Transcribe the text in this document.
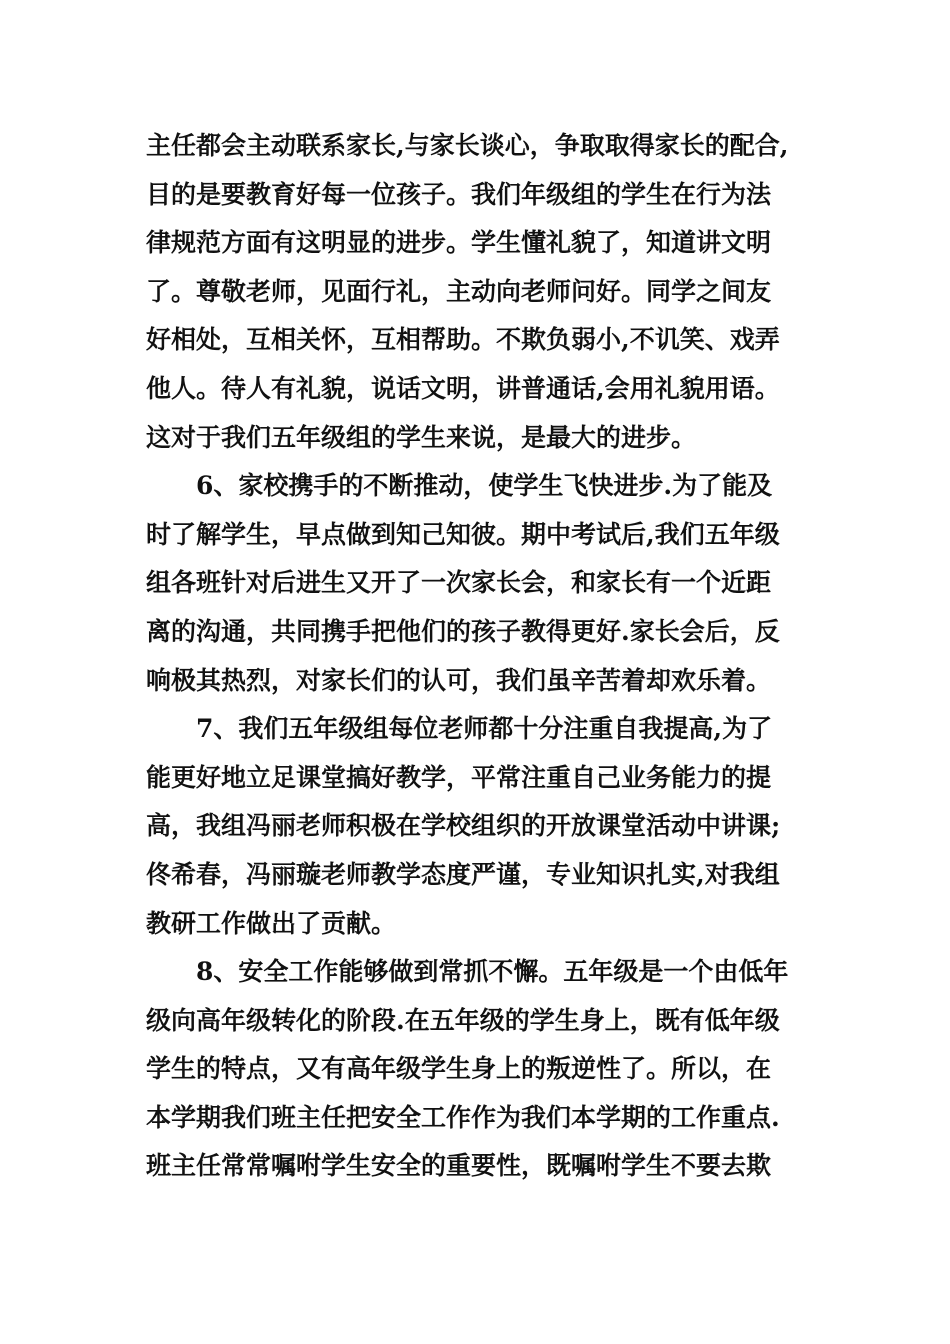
主任都会主动联系家长,与家长谈心，争取取得家长的配合,
目的是要教育好每一位孩子。我们年级组的学生在行为法
律规范方面有这明显的进步。学生懂礼貌了，知道讲文明
了。尊敬老师，见面行礼，主动向老师问好。同学之间友
好相处，互相关怀，互相帮助。不欺负弱小,不讥笑、戏弄
他人。待人有礼貌，说话文明，讲普通话,会用礼貌用语。
这对于我们五年级组的学生来说，是最大的进步。
6、家校携手的不断推动，使学生飞快进步.为了能及
时了解学生，早点做到知己知彼。期中考试后,我们五年级
组各班针对后进生又开了一次家长会，和家长有一个近距
离的沟通，共同携手把他们的孩子教得更好.家长会后，反
响极其热烈，对家长们的认可，我们虽辛苦着却欢乐着。
7、我们五年级组每位老师都十分注重自我提高,为了
能更好地立足课堂搞好教学，平常注重自己业务能力的提
高，我组冯丽老师积极在学校组织的开放课堂活动中讲课;
佟希春，冯丽璇老师教学态度严谨，专业知识扎实,对我组
教研工作做出了贡献。
8、安全工作能够做到常抓不懈。五年级是一个由低年
级向高年级转化的阶段.在五年级的学生身上，既有低年级
学生的特点，又有高年级学生身上的叛逆性了。所以，在
本学期我们班主任把安全工作作为我们本学期的工作重点.
班主任常常嘱咐学生安全的重要性，既嘱咐学生不要去欺
